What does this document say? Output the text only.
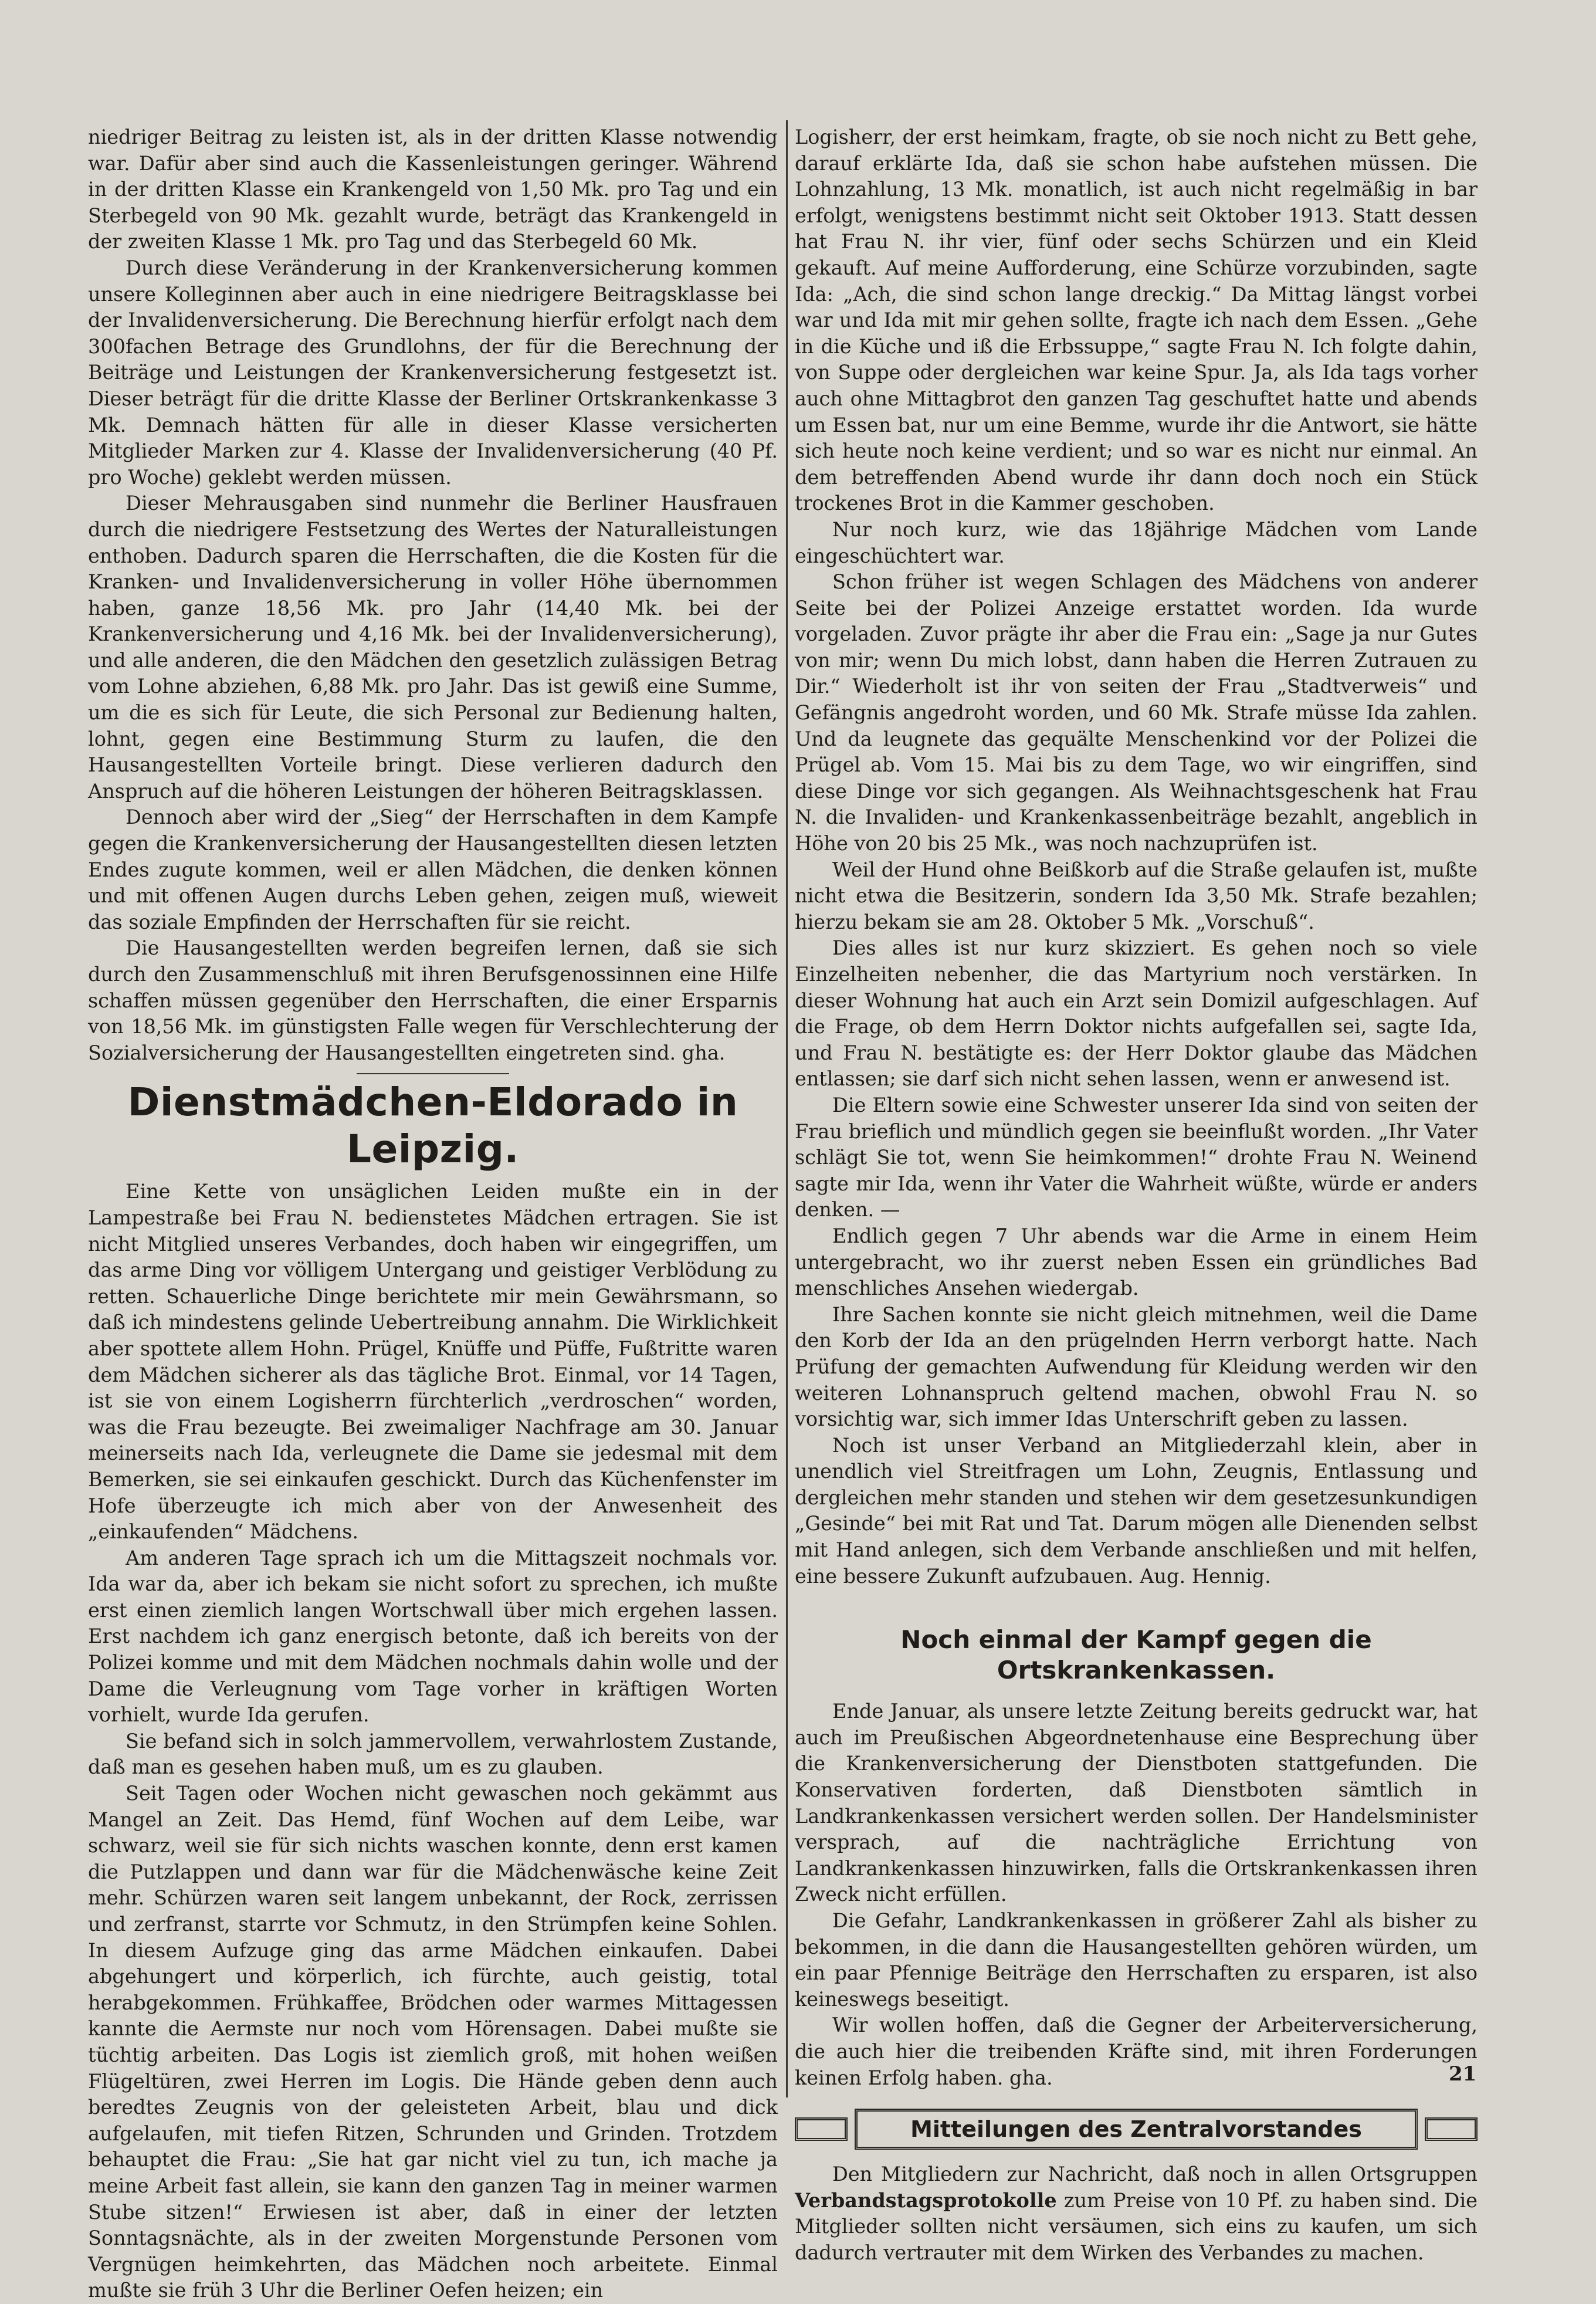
niedriger Beitrag zu leisten ist, als in der dritten Klasse notwendig war. Dafür aber sind auch die Kassenleistungen geringer. Während in der dritten Klasse ein Krankengeld von 1,50 Mk. pro Tag und ein Sterbegeld von 90 Mk. gezahlt wurde, beträgt das Krankengeld in der zweiten Klasse 1 Mk. pro Tag und das Sterbegeld 60 Mk.

Durch diese Veränderung in der Krankenversicherung kommen unsere Kolleginnen aber auch in eine niedrigere Beitragsklasse bei der Invalidenversicherung. Die Berechnung hierfür erfolgt nach dem 300fachen Betrage des Grundlohns, der für die Berechnung der Beiträge und Leistungen der Krankenversicherung festgesetzt ist. Dieser beträgt für die dritte Klasse der Berliner Ortskrankenkasse 3 Mk. Demnach hätten für alle in dieser Klasse versicherten Mitglieder Marken zur 4. Klasse der Invalidenversicherung (40 Pf. pro Woche) geklebt werden müssen.

Dieser Mehrausgaben sind nunmehr die Berliner Hausfrauen durch die niedrigere Festsetzung des Wertes der Naturalleistungen enthoben. Dadurch sparen die Herrschaften, die die Kosten für die Kranken- und Invalidenversicherung in voller Höhe übernommen haben, ganze 18,56 Mk. pro Jahr (14,40 Mk. bei der Krankenversicherung und 4,16 Mk. bei der Invalidenversicherung), und alle anderen, die den Mädchen den gesetzlich zulässigen Betrag vom Lohne abziehen, 6,88 Mk. pro Jahr. Das ist gewiß eine Summe, um die es sich für Leute, die sich Personal zur Bedienung halten, lohnt, gegen eine Bestimmung Sturm zu laufen, die den Hausangestellten Vorteile bringt. Diese verlieren dadurch den Anspruch auf die höheren Leistungen der höheren Beitragsklassen.

Dennoch aber wird der „Sieg“ der Herrschaften in dem Kampfe gegen die Krankenversicherung der Hausangestellten diesen letzten Endes zugute kommen, weil er allen Mädchen, die denken können und mit offenen Augen durchs Leben gehen, zeigen muß, wieweit das soziale Empfinden der Herrschaften für sie reicht.

Die Hausangestellten werden begreifen lernen, daß sie sich durch den Zusammenschluß mit ihren Berufsgenossinnen eine Hilfe schaffen müssen gegenüber den Herrschaften, die einer Ersparnis von 18,56 Mk. im günstigsten Falle wegen für Verschlechterung der Sozialversicherung der Hausangestellten eingetreten sind. gha.

Dienstmädchen-Eldorado in Leipzig.

Eine Kette von unsäglichen Leiden mußte ein in der Lampestraße bei Frau N. bedienstetes Mädchen ertragen. Sie ist nicht Mitglied unseres Verbandes, doch haben wir eingegriffen, um das arme Ding vor völligem Untergang und geistiger Verblödung zu retten. Schauerliche Dinge berichtete mir mein Gewährsmann, so daß ich mindestens gelinde Uebertreibung annahm. Die Wirklichkeit aber spottete allem Hohn. Prügel, Knüffe und Püffe, Fußtritte waren dem Mädchen sicherer als das tägliche Brot. Einmal, vor 14 Tagen, ist sie von einem Logisherrn fürchterlich „verdroschen“ worden, was die Frau bezeugte. Bei zweimaliger Nachfrage am 30. Januar meinerseits nach Ida, verleugnete die Dame sie jedesmal mit dem Bemerken, sie sei einkaufen geschickt. Durch das Küchenfenster im Hofe überzeugte ich mich aber von der Anwesenheit des „einkaufenden“ Mädchens.

Am anderen Tage sprach ich um die Mittagszeit nochmals vor. Ida war da, aber ich bekam sie nicht sofort zu sprechen, ich mußte erst einen ziemlich langen Wortschwall über mich ergehen lassen. Erst nachdem ich ganz energisch betonte, daß ich bereits von der Polizei komme und mit dem Mädchen nochmals dahin wolle und der Dame die Verleugnung vom Tage vorher in kräftigen Worten vorhielt, wurde Ida gerufen.

Sie befand sich in solch jammervollem, verwahrlostem Zustande, daß man es gesehen haben muß, um es zu glauben.

Seit Tagen oder Wochen nicht gewaschen noch gekämmt aus Mangel an Zeit. Das Hemd, fünf Wochen auf dem Leibe, war schwarz, weil sie für sich nichts waschen konnte, denn erst kamen die Putzlappen und dann war für die Mädchenwäsche keine Zeit mehr. Schürzen waren seit langem unbekannt, der Rock, zerrissen und zerfranst, starrte vor Schmutz, in den Strümpfen keine Sohlen. In diesem Aufzuge ging das arme Mädchen einkaufen. Dabei abgehungert und körperlich, ich fürchte, auch geistig, total herabgekommen. Frühkaffee, Brödchen oder warmes Mittagessen kannte die Aermste nur noch vom Hörensagen. Dabei mußte sie tüchtig arbeiten. Das Logis ist ziemlich groß, mit hohen weißen Flügeltüren, zwei Herren im Logis. Die Hände geben denn auch beredtes Zeugnis von der geleisteten Arbeit, blau und dick aufgelaufen, mit tiefen Ritzen, Schrunden und Grinden. Trotzdem behauptet die Frau: „Sie hat gar nicht viel zu tun, ich mache ja meine Arbeit fast allein, sie kann den ganzen Tag in meiner warmen Stube sitzen!“ Erwiesen ist aber, daß in einer der letzten Sonntagsnächte, als in der zweiten Morgenstunde Personen vom Vergnügen heimkehrten, das Mädchen noch arbeitete. Einmal mußte sie früh 3 Uhr die Berliner Oefen heizen; ein

Logisherr, der erst heimkam, fragte, ob sie noch nicht zu Bett gehe, darauf erklärte Ida, daß sie schon habe aufstehen müssen. Die Lohnzahlung, 13 Mk. monatlich, ist auch nicht regelmäßig in bar erfolgt, wenigstens bestimmt nicht seit Oktober 1913. Statt dessen hat Frau N. ihr vier, fünf oder sechs Schürzen und ein Kleid gekauft. Auf meine Aufforderung, eine Schürze vorzubinden, sagte Ida: „Ach, die sind schon lange dreckig.“ Da Mittag längst vorbei war und Ida mit mir gehen sollte, fragte ich nach dem Essen. „Gehe in die Küche und iß die Erbssuppe,“ sagte Frau N. Ich folgte dahin, von Suppe oder dergleichen war keine Spur. Ja, als Ida tags vorher auch ohne Mittagbrot den ganzen Tag geschuftet hatte und abends um Essen bat, nur um eine Bemme, wurde ihr die Antwort, sie hätte sich heute noch keine verdient; und so war es nicht nur einmal. An dem betreffenden Abend wurde ihr dann doch noch ein Stück trockenes Brot in die Kammer geschoben.

Nur noch kurz, wie das 18jährige Mädchen vom Lande eingeschüchtert war.

Schon früher ist wegen Schlagen des Mädchens von anderer Seite bei der Polizei Anzeige erstattet worden. Ida wurde vorgeladen. Zuvor prägte ihr aber die Frau ein: „Sage ja nur Gutes von mir; wenn Du mich lobst, dann haben die Herren Zutrauen zu Dir.“ Wiederholt ist ihr von seiten der Frau „Stadtverweis“ und Gefängnis angedroht worden, und 60 Mk. Strafe müsse Ida zahlen. Und da leugnete das gequälte Menschenkind vor der Polizei die Prügel ab. Vom 15. Mai bis zu dem Tage, wo wir eingriffen, sind diese Dinge vor sich gegangen. Als Weihnachtsgeschenk hat Frau N. die Invaliden- und Krankenkassenbeiträge bezahlt, angeblich in Höhe von 20 bis 25 Mk., was noch nachzuprüfen ist.

Weil der Hund ohne Beißkorb auf die Straße gelaufen ist, mußte nicht etwa die Besitzerin, sondern Ida 3,50 Mk. Strafe bezahlen; hierzu bekam sie am 28. Oktober 5 Mk. „Vorschuß“.

Dies alles ist nur kurz skizziert. Es gehen noch so viele Einzelheiten nebenher, die das Martyrium noch verstärken. In dieser Wohnung hat auch ein Arzt sein Domizil aufgeschlagen. Auf die Frage, ob dem Herrn Doktor nichts aufgefallen sei, sagte Ida, und Frau N. bestätigte es: der Herr Doktor glaube das Mädchen entlassen; sie darf sich nicht sehen lassen, wenn er anwesend ist.

Die Eltern sowie eine Schwester unserer Ida sind von seiten der Frau brieflich und mündlich gegen sie beeinflußt worden. „Ihr Vater schlägt Sie tot, wenn Sie heimkommen!“ drohte Frau N. Weinend sagte mir Ida, wenn ihr Vater die Wahrheit wüßte, würde er anders denken. —

Endlich gegen 7 Uhr abends war die Arme in einem Heim untergebracht, wo ihr zuerst neben Essen ein gründliches Bad menschliches Ansehen wiedergab.

Ihre Sachen konnte sie nicht gleich mitnehmen, weil die Dame den Korb der Ida an den prügelnden Herrn verborgt hatte. Nach Prüfung der gemachten Aufwendung für Kleidung werden wir den weiteren Lohnanspruch geltend machen, obwohl Frau N. so vorsichtig war, sich immer Idas Unterschrift geben zu lassen.

Noch ist unser Verband an Mitgliederzahl klein, aber in unendlich viel Streitfragen um Lohn, Zeugnis, Entlassung und dergleichen mehr standen und stehen wir dem gesetzesunkundigen „Gesinde“ bei mit Rat und Tat. Darum mögen alle Dienenden selbst mit Hand anlegen, sich dem Verbande anschließen und mit helfen, eine bessere Zukunft aufzubauen. Aug. Hennig.

Noch einmal der Kampf gegen die Ortskrankenkassen.

Ende Januar, als unsere letzte Zeitung bereits gedruckt war, hat auch im Preußischen Abgeordnetenhause eine Besprechung über die Krankenversicherung der Dienstboten stattgefunden. Die Konservativen forderten, daß Dienstboten sämtlich in Landkrankenkassen versichert werden sollen. Der Handelsminister versprach, auf die nachträgliche Errichtung von Landkrankenkassen hinzuwirken, falls die Ortskrankenkassen ihren Zweck nicht erfüllen.

Die Gefahr, Landkrankenkassen in größerer Zahl als bisher zu bekommen, in die dann die Hausangestellten gehören würden, um ein paar Pfennige Beiträge den Herrschaften zu ersparen, ist also keineswegs beseitigt.

Wir wollen hoffen, daß die Gegner der Arbeiterversicherung, die auch hier die treibenden Kräfte sind, mit ihren Forderungen keinen Erfolg haben. gha.

Mitteilungen des Zentralvorstandes

Den Mitgliedern zur Nachricht, daß noch in allen Ortsgruppen Verbandstagsprotokolle zum Preise von 10 Pf. zu haben sind. Die Mitglieder sollten nicht versäumen, sich eins zu kaufen, um sich dadurch vertrauter mit dem Wirken des Verbandes zu machen.

21
